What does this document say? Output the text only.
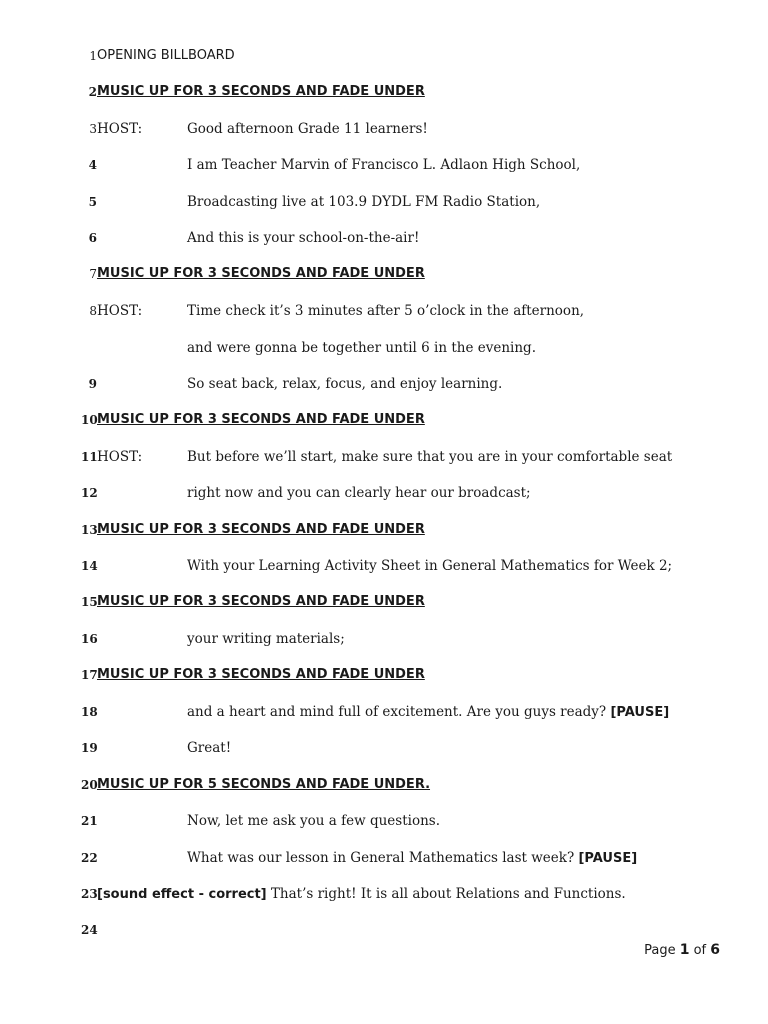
1 OPENING BILLBOARD
2 MUSIC UP FOR 3 SECONDS AND FADE UNDER
3 HOST:	Good afternoon Grade 11 learners!
4	I am Teacher Marvin of Francisco L. Adlaon High School,
5	Broadcasting live at 103.9 DYDL FM Radio Station,
6	And this is your school-on-the-air!
7 MUSIC UP FOR 3 SECONDS AND FADE UNDER
8 HOST:	Time check it’s 3 minutes after 5 o’clock in the afternoon,
and were gonna be together until 6 in the evening.
9	So seat back, relax, focus, and enjoy learning.
10 MUSIC UP FOR 3 SECONDS AND FADE UNDER
11 HOST:	But before we’ll start, make sure that you are in your comfortable seat
12	right now and you can clearly hear our broadcast;
13 MUSIC UP FOR 3 SECONDS AND FADE UNDER
14	With your Learning Activity Sheet in General Mathematics for Week 2;
15 MUSIC UP FOR 3 SECONDS AND FADE UNDER
16	your writing materials;
17 MUSIC UP FOR 3 SECONDS AND FADE UNDER
18	and a heart and mind full of excitement. Are you guys ready? [PAUSE]
19	Great!
20 MUSIC UP FOR 5 SECONDS AND FADE UNDER.
21	Now, let me ask you a few questions.
22	What was our lesson in General Mathematics last week? [PAUSE]
23 [sound effect - correct] That’s right! It is all about Relations and Functions.
24
Page 1 of 6
